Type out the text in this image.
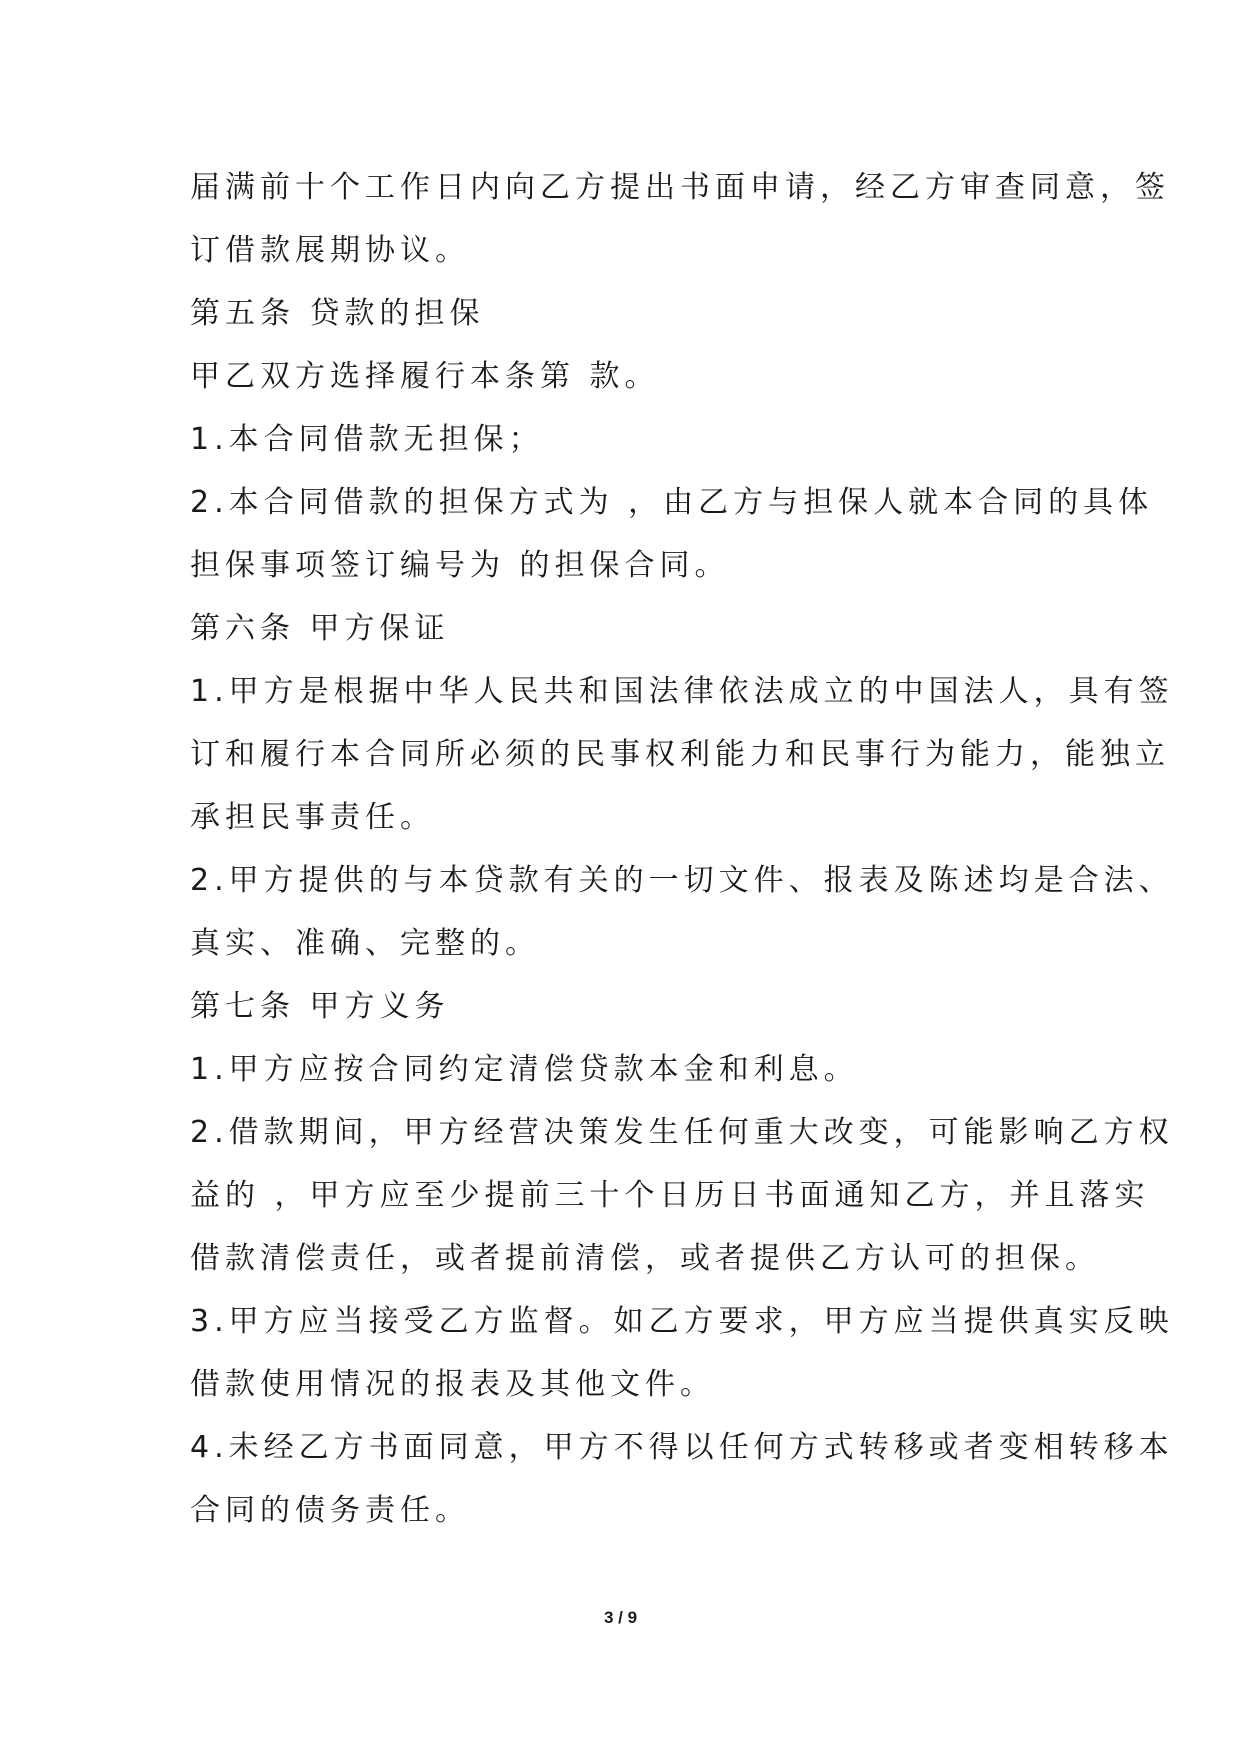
届满前十个工作日内向乙方提出书面申请，经乙方审查同意，签
订借款展期协议。
第五条 贷款的担保
甲乙双方选择履行本条第 款。
1.本合同借款无担保；
2.本合同借款的担保方式为 ，由乙方与担保人就本合同的具体
担保事项签订编号为 的担保合同。
第六条 甲方保证
1.甲方是根据中华人民共和国法律依法成立的中国法人，具有签
订和履行本合同所必须的民事权利能力和民事行为能力，能独立
承担民事责任。
2.甲方提供的与本贷款有关的一切文件、报表及陈述均是合法、
真实、准确、完整的。
第七条 甲方义务
1.甲方应按合同约定清偿贷款本金和利息。
2.借款期间，甲方经营决策发生任何重大改变，可能影响乙方权
益的 ，甲方应至少提前三十个日历日书面通知乙方，并且落实
借款清偿责任，或者提前清偿，或者提供乙方认可的担保。
3.甲方应当接受乙方监督。如乙方要求，甲方应当提供真实反映
借款使用情况的报表及其他文件。
4.未经乙方书面同意，甲方不得以任何方式转移或者变相转移本
合同的债务责任。
3 / 9
